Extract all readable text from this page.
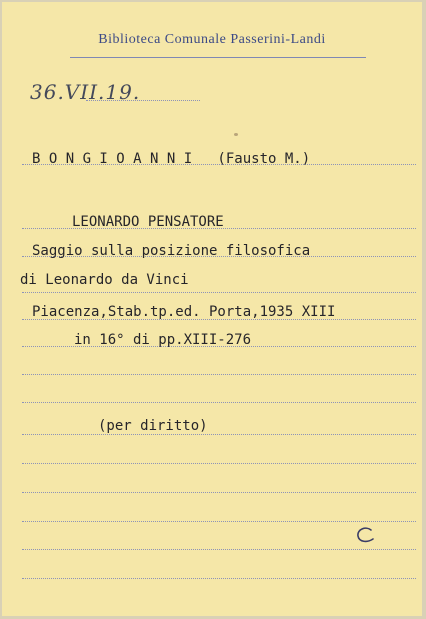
Biblioteca Comunale Passerini-Landi
36.VII.19.
B O N G I O A N N I   (Fausto M.)
LEONARDO PENSATORE
Saggio sulla posizione filosofica
di Leonardo da Vinci
Piacenza,Stab.tp.ed. Porta,1935 XIII
in 16° di pp.XIII-276
(per diritto)
